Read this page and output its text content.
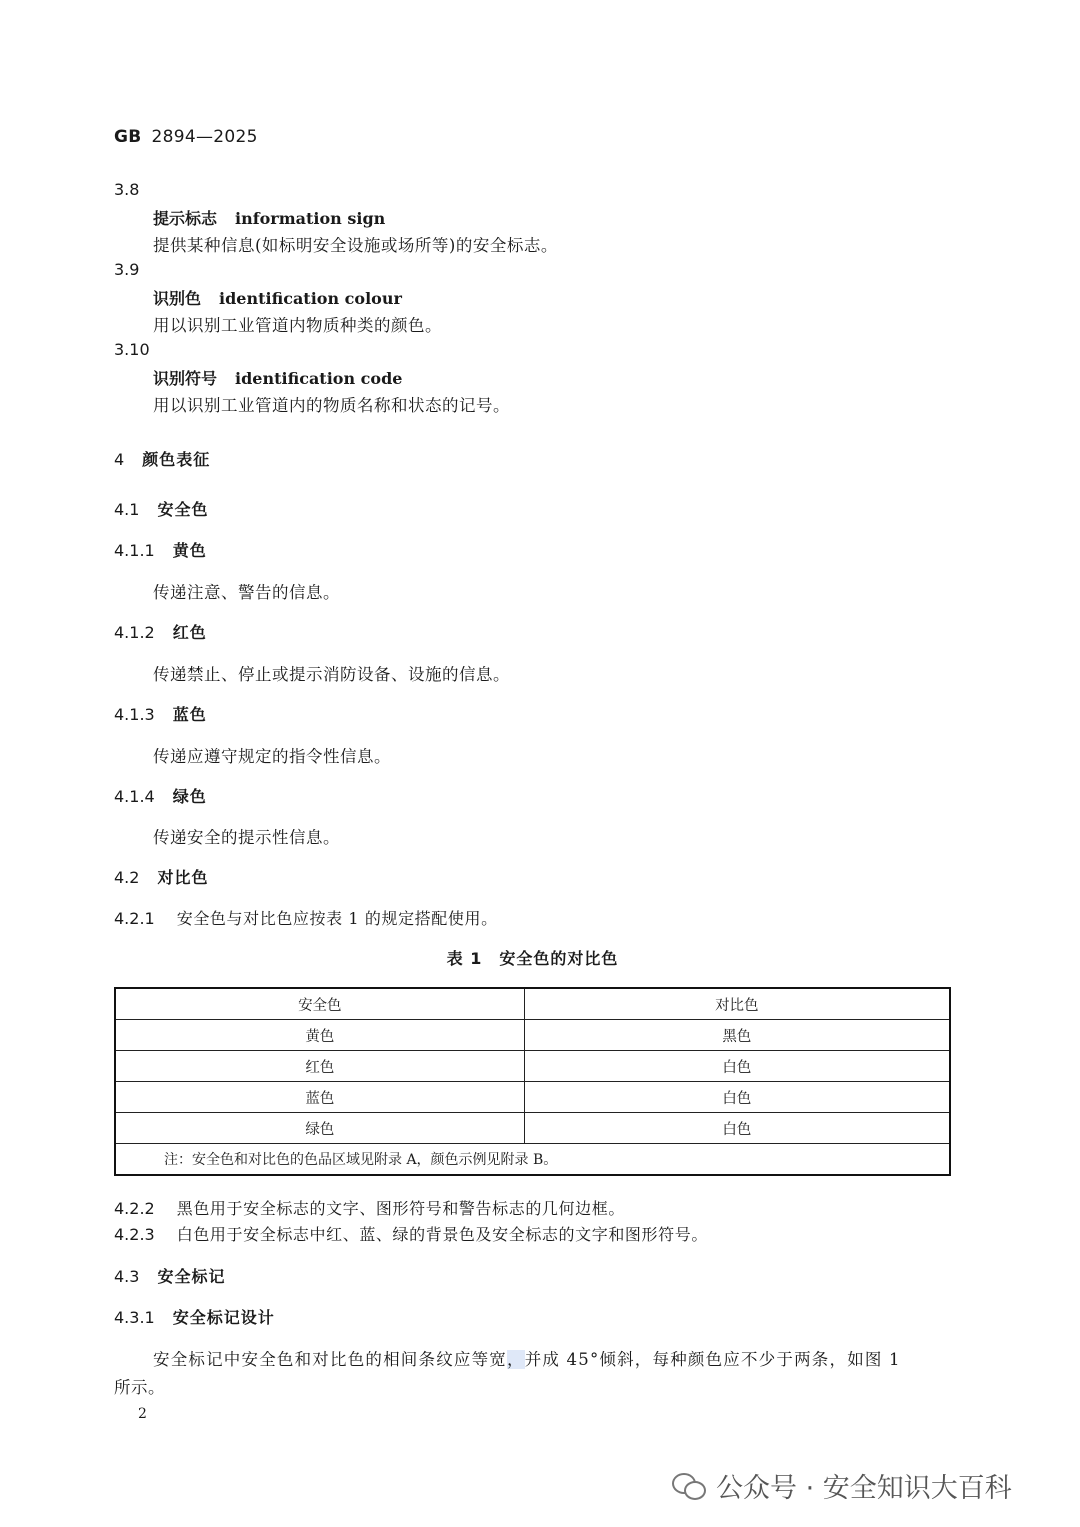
GB 2894—2025
3.8
提示标志 information sign
提供某种信息(如标明安全设施或场所等)的安全标志。
3.9
识别色 identification colour
用以识别工业管道内物质种类的颜色。
3.10
识别符号 identification code
用以识别工业管道内的物质名称和状态的记号。
4 颜色表征
4.1 安全色
4.1.1 黄色
传递注意、警告的信息。
4.1.2 红色
传递禁止、停止或提示消防设备、设施的信息。
4.1.3 蓝色
传递应遵守规定的指令性信息。
4.1.4 绿色
传递安全的提示性信息。
4.2 对比色
4.2.1 安全色与对比色应按表 1 的规定搭配使用。
表 1　安全色的对比色
安全色	对比色
黄色	黑色
红色	白色
蓝色	白色
绿色	白色
注：安全色和对比色的色品区域见附录 A，颜色示例见附录 B。	
4.2.2 黑色用于安全标志的文字、图形符号和警告标志的几何边框。
4.2.3 白色用于安全标志中红、蓝、绿的背景色及安全标志的文字和图形符号。
4.3 安全标记
4.3.1 安全标记设计
安全标记中安全色和对比色的相间条纹应等宽，并成 45°倾斜，每种颜色应不少于两条，如图 1
所示。
2
公众号 · 安全知识大百科
